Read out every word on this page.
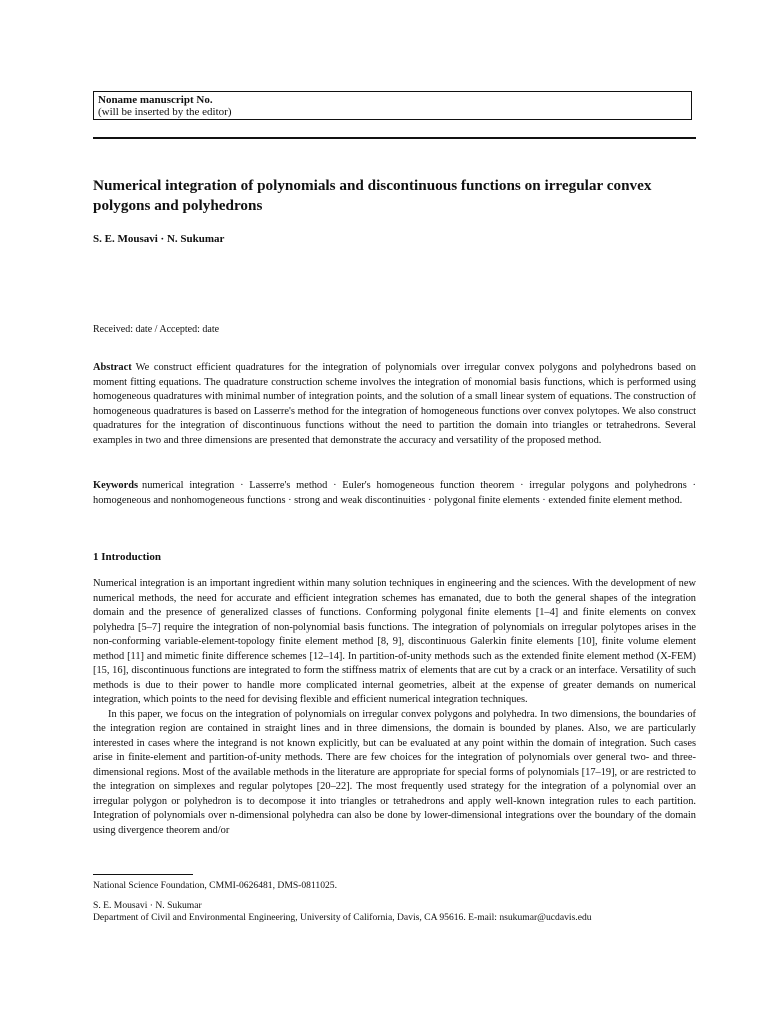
Noname manuscript No.
(will be inserted by the editor)
Numerical integration of polynomials and discontinuous functions on irregular convex polygons and polyhedrons
S. E. Mousavi · N. Sukumar
Received: date / Accepted: date

Abstract We construct efficient quadratures for the integration of polynomials over irregular convex polygons and polyhedrons based on moment fitting equations. The quadrature construction scheme involves the integration of monomial basis functions, which is performed using homogeneous quadratures with minimal number of integration points, and the solution of a small linear system of equations. The construction of homogeneous quadratures is based on Lasserre's method for the integration of homogeneous functions over convex polytopes. We also construct quadratures for the integration of discontinuous functions without the need to partition the domain into triangles or tetrahedrons. Several examples in two and three dimensions are presented that demonstrate the accuracy and versatility of the proposed method.

Keywords numerical integration · Lasserre's method · Euler's homogeneous function theorem · irregular polygons and polyhedrons · homogeneous and nonhomogeneous functions · strong and weak discontinuities · polygonal finite elements · extended finite element method.

1 Introduction

Numerical integration is an important ingredient within many solution techniques in engineering and the sciences. With the development of new numerical methods, the need for accurate and efficient integration schemes has emanated, due to both the general shapes of the integration domain and the presence of generalized classes of functions. Conforming polygonal finite elements [1–4] and finite elements on convex polyhedra [5–7] require the integration of non-polynomial basis functions. The integration of polynomials on irregular polytopes arises in the non-conforming variable-element-topology finite element method [8, 9], discontinuous Galerkin finite elements [10], finite volume element method [11] and mimetic finite difference schemes [12–14]. In partition-of-unity methods such as the extended finite element method (X-FEM) [15, 16], discontinuous functions are integrated to form the stiffness matrix of elements that are cut by a crack or an interface. Versatility of such methods is due to their power to handle more complicated internal geometries, albeit at the expense of greater demands on numerical integration, which points to the need for devising flexible and efficient numerical integration techniques.

In this paper, we focus on the integration of polynomials on irregular convex polygons and polyhedra. In two dimensions, the boundaries of the integration region are contained in straight lines and in three dimensions, the domain is bounded by planes. Also, we are particularly interested in cases where the integrand is not known explicitly, but can be evaluated at any point within the domain of integration. Such cases arise in finite-element and partition-of-unity methods. There are few choices for the integration of polynomials over general two- and three-dimensional regions. Most of the available methods in the literature are appropriate for special forms of polynomials [17–19], or are restricted to the integration on simplexes and regular polytopes [20–22]. The most frequently used strategy for the integration of a polynomial over an irregular polygon or polyhedron is to decompose it into triangles or tetrahedrons and apply well-known integration rules to each partition. Integration of polynomials over n-dimensional polyhedra can also be done by lower-dimensional integrations over the boundary of the domain using divergence theorem and/or

National Science Foundation, CMMI-0626481, DMS-0811025.
S. E. Mousavi · N. Sukumar
Department of Civil and Environmental Engineering, University of California, Davis, CA 95616. E-mail: nsukumar@ucdavis.edu
